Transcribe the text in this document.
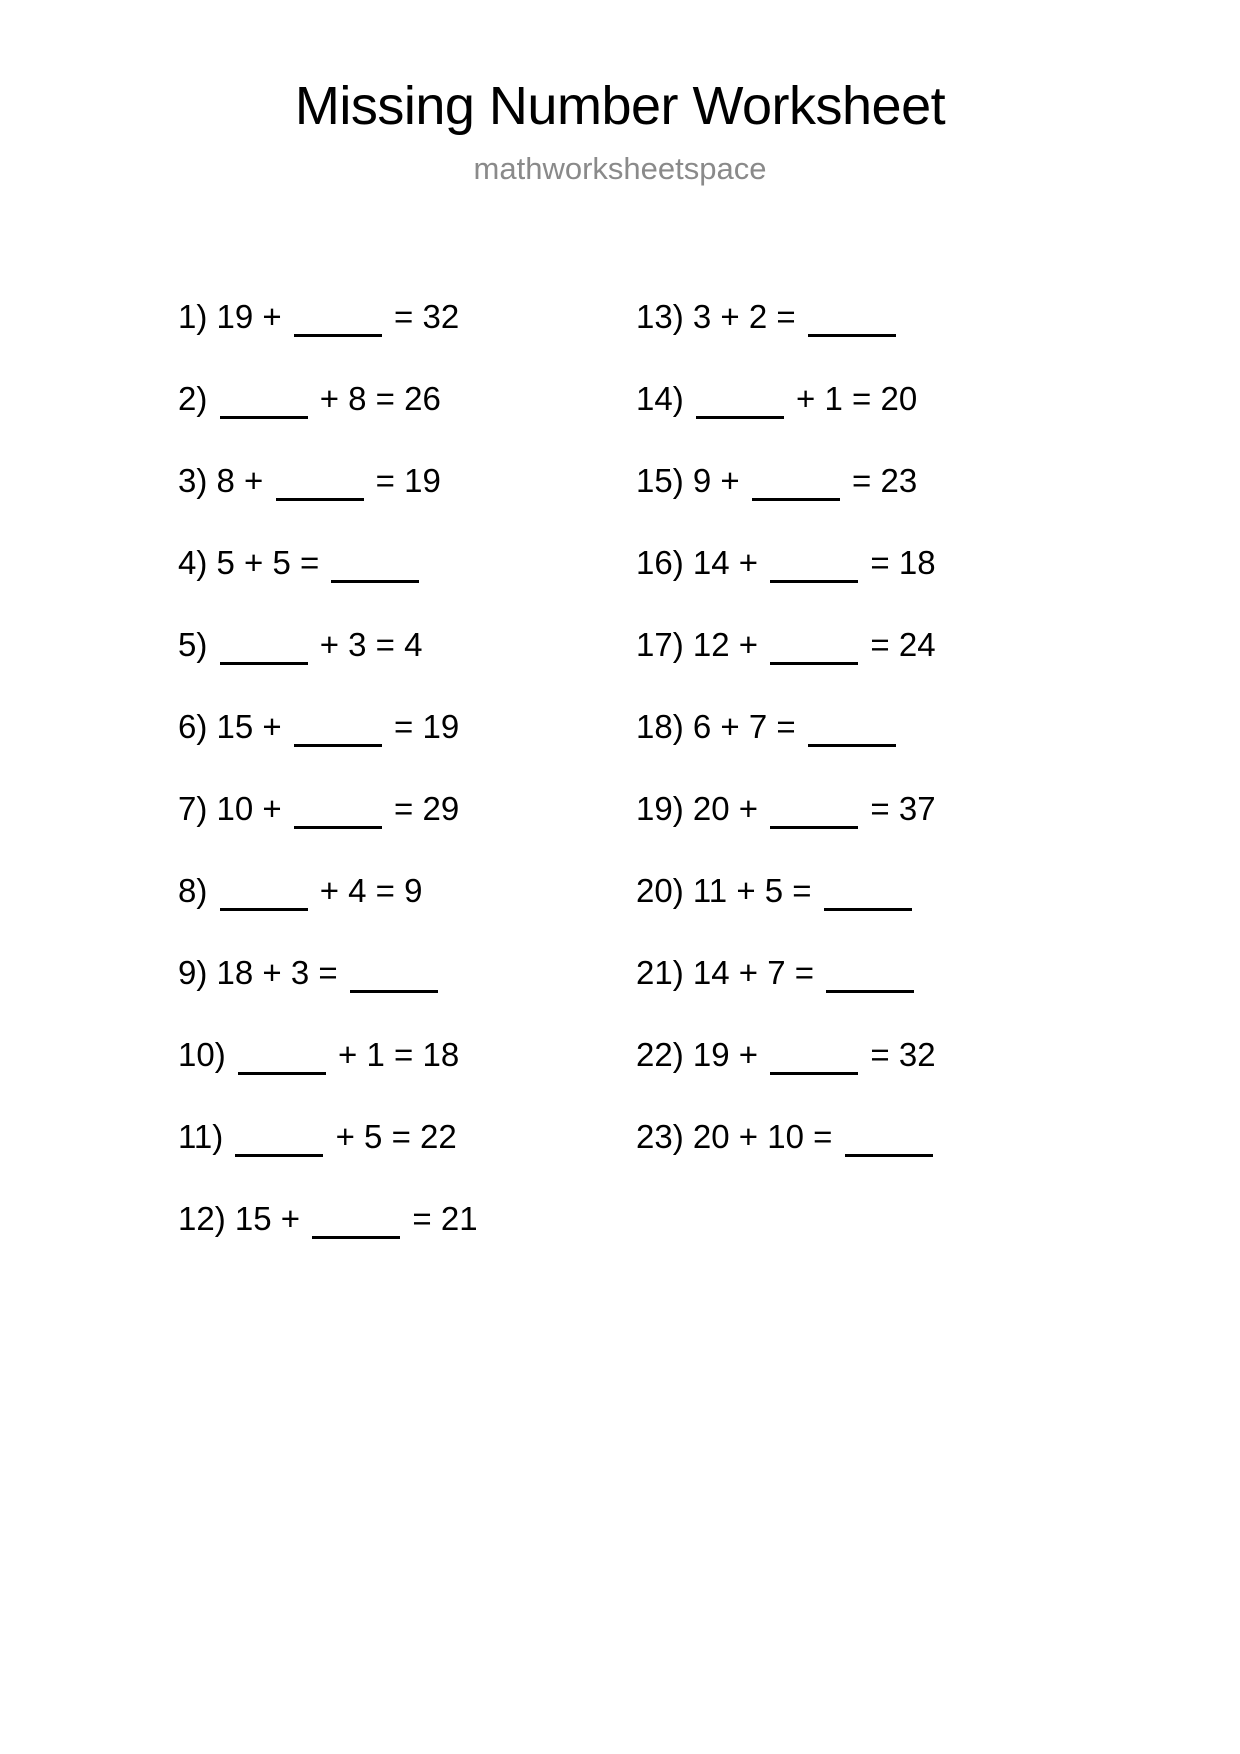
Missing Number Worksheet
mathworksheetspace
1) 19 +	= 32
2)	+ 8 = 26
3) 8 +	= 19
4) 5 + 5 =
5)	+ 3 = 4
6) 15 +	= 19
7) 10 +	= 29
8)	+ 4 = 9
9) 18 + 3 =
10)	+ 1 = 18
11)	+ 5 = 22
12) 15 +	= 21
13) 3 + 2 =
14)	+ 1 = 20
15) 9 +	= 23
16) 14 +	= 18
17) 12 +	= 24
18) 6 + 7 =
19) 20 +	= 37
20) 11 + 5 =
21) 14 + 7 =
22) 19 +	= 32
23) 20 + 10 =
